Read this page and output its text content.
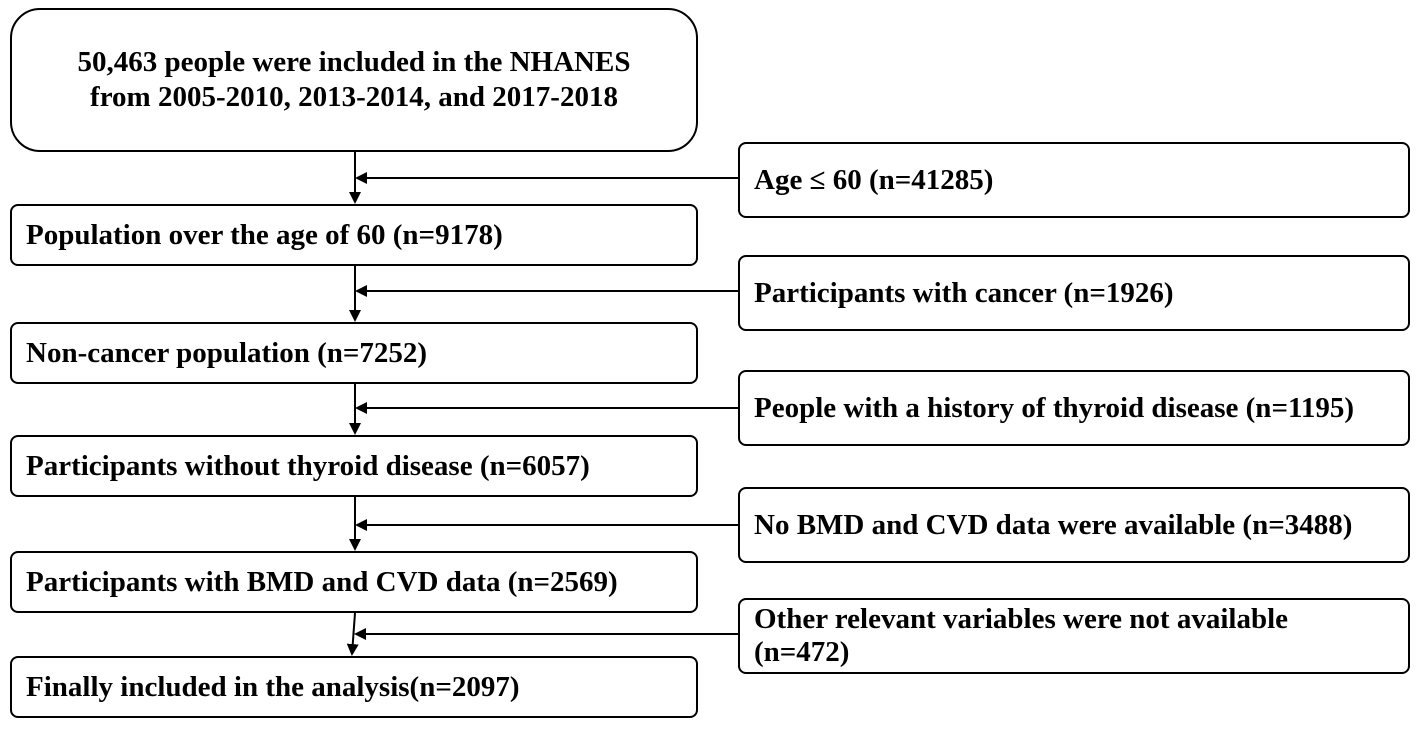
50,463 people were included in the NHANES
from 2005-2010, 2013-2014, and 2017-2018
Population over the age of 60 (n=9178)
Non-cancer population (n=7252)
Participants without thyroid disease (n=6057)
Participants with BMD and CVD data (n=2569)
Finally included in the analysis(n=2097)
Age ≤ 60 (n=41285)
Participants with cancer (n=1926)
People with a history of thyroid disease (n=1195)
No BMD and CVD data were available (n=3488)
Other relevant variables were not available (n=472)
